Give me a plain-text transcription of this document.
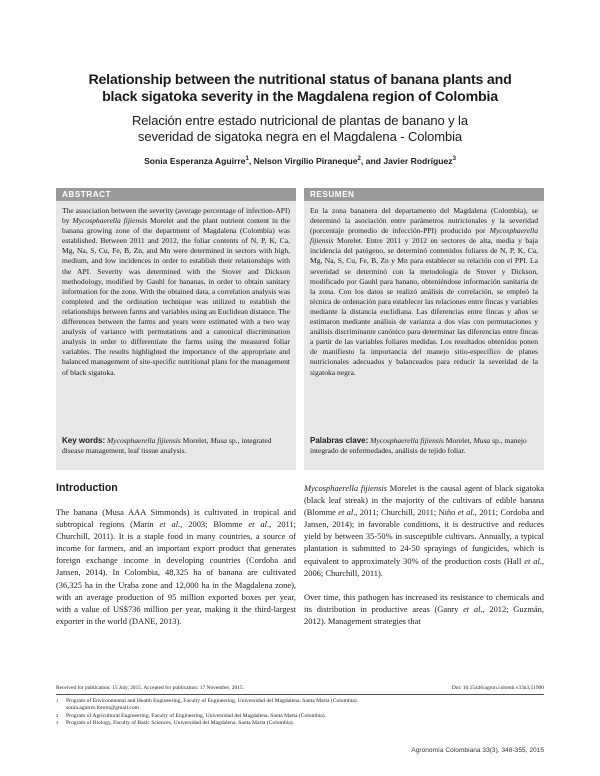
Relationship between the nutritional status of banana plants and
black sigatoka severity in the Magdalena region of Colombia
Relación entre estado nutricional de plantas de banano y la
severidad de sigatoka negra en el Magdalena - Colombia
Sonia Esperanza Aguirre$^1$, Nelson Virgilio Piraneque$^2$, and Javier Rodríguez$^3$
ABSTRACT
The association between the severity (average percentage of infection-API) by Mycosphaerella fijiensis Morelet and the plant nutrient content in the banana growing zone of the department of Magdalena (Colombia) was established. Between 2011 and 2012, the foliar contents of N, P, K, Ca, Mg, Na, S, Cu, Fe, B, Zn, and Mn were determined in sectors with high, medium, and low incidences in order to establish their relationships with the API. Severity was determined with the Stover and Dickson methodology, modified by Gauhl for bananas, in order to obtain sanitary information for the zone. With the obtained data, a correlation analysis was completed and the ordination technique was utilized to establish the relationships between farms and variables using an Euclidean distance. The differences between the farms and years were estimated with a two way analysis of variance with permutations and a canonical discrimination analysis in order to differentiate the farms using the measured foliar variables. The results highlighted the importance of the appropriate and balanced management of site-specific nutritional plans for the management of black sigatoka.
Key words: Mycosphaerella fijiensis Morelet, Musa sp., integrated disease management, leaf tissue analysis.
RESUMEN
En la zona bananera del departamento del Magdalena (Colombia), se determinó la asociación entre parámetros nutricionales y la severidad (porcentaje promedio de infección-PPI) producido por Mycosphaerella fijiensis Morelet. Entre 2011 y 2012 en sectores de alta, media y baja incidencia del patógeno, se determinó contenidos foliares de N, P, K, Ca, Mg, Na, S, Cu, Fe, B, Zn y Mn para establecer su relación con el PPI. La severidad se determinó con la metodología de Stover y Dickson, modificado por Gauhl para banano, obteniéndose información sanitaria de la zona. Con los datos se realizó análisis de correlación, se empleó la técnica de ordenación para establecer las relaciones entre fincas y variables mediante la distancia euclidiana. Las diferencias entre fincas y años se estimaron mediante análisis de varianza a dos vías con permutaciones y análisis discriminante canónico para determinar las diferencias entre fincas a partir de las variables foliares medidas. Los resultados obtenidos ponen de manifiesto la importancia del manejo sitio-específico de planes nutricionales adecuados y balanceados para reducir la severidad de la sigatoka negra.
Palabras clave: Mycosphaerella fijiensis Morelet, Musa sp., manejo integrado de enfermedades, análisis de tejido foliar.
Introduction

The banana (Musa AAA Simmonds) is cultivated in tropical and subtropical regions (Marin et al., 2003; Blomme et al., 2011; Churchill, 2011). It is a staple food in many countries, a source of income for farmers, and an important export product that generates foreign exchange income in developing countries (Cordoba and Jansen, 2014). In Colombia, 48,325 ha of banana are cultivated (36,325 ha in the Uraba zone and 12,000 ha in the Magdalena zone), with an average production of 95 million exported boxes per year, with a value of US$736 million per year, making it the third-largest exporter in the world (DANE, 2013).

Mycosphaerella fijiensis Morelet is the causal agent of black sigatoka (black leaf streak) in the majority of the cultivars of edible banana (Blomme et al., 2011; Churchill, 2011; Niño et al., 2011; Cordoba and Jansen, 2014); in favorable conditions, it is destructive and reduces yield by between 35-50% in susceptible cultivars. Annually, a typical plantation is submitted to 24-50 sprayings of fungicides, which is equivalent to approximately 30% of the production costs (Hall et al., 2006; Churchill, 2011).

Over time, this pathogen has increased its resistance to chemicals and its distribution in productive areas (Ganry et al., 2012; Guzmán, 2012). Management strategies that

Received for publication: 15 July, 2015. Accepted for publication: 17 November, 2015.	Doi: 10.15446/agron.colomb.v33n3.51900
1 Program of Environmental and Health Engineering, Faculty of Engineering, Universidad del Magdalena. Santa Marta (Colombia).
sonia.aguirre.forero@gmail.com
2 Program of Agricultural Engineering, Faculty of Engineering, Universidad del Magdalena. Santa Marta (Colombia).
3 Program of Biology, Faculty of Basic Sciences, Universidad del Magdalena. Santa Marta (Colombia).
Agronomía Colombiana 33(3), 348-355, 2015
